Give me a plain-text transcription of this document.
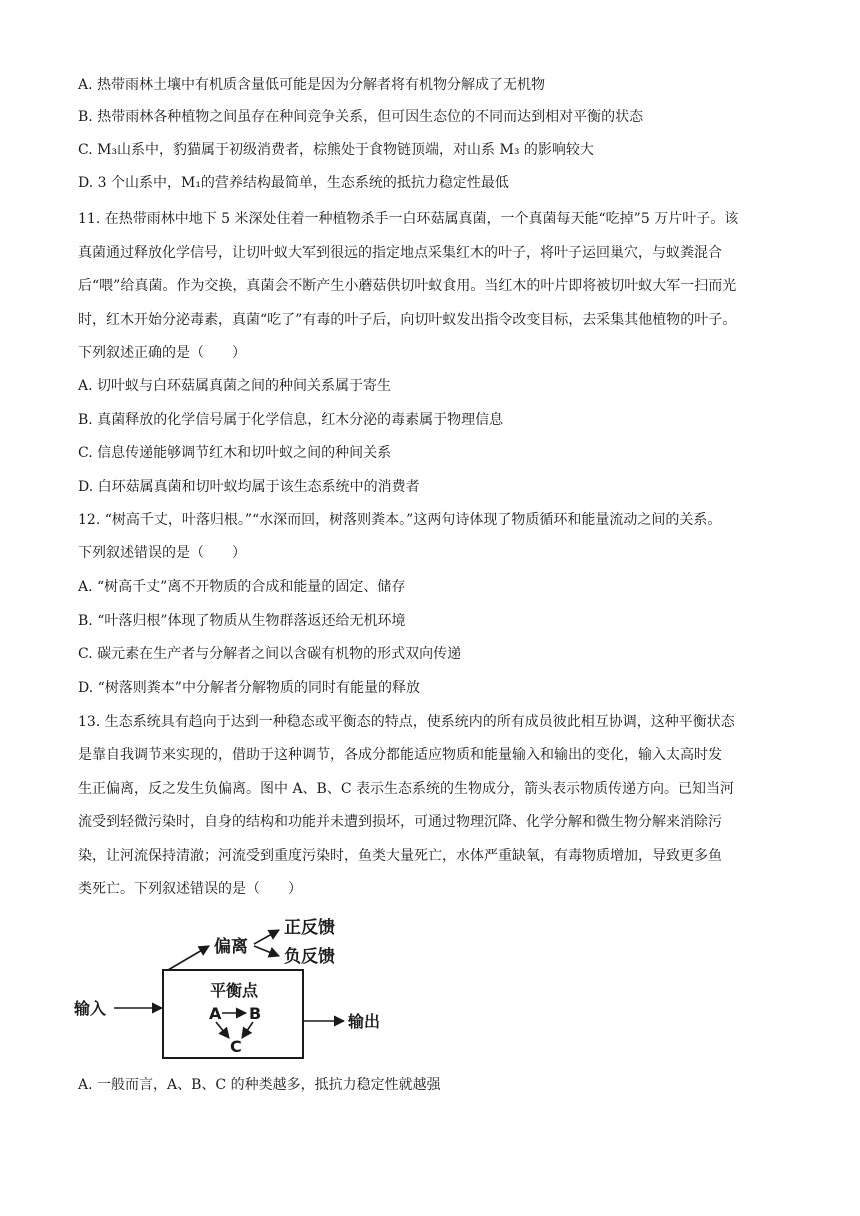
A. 热带雨林土壤中有机质含量低可能是因为分解者将有机物分解成了无机物
B. 热带雨林各种植物之间虽存在种间竞争关系，但可因生态位的不同而达到相对平衡的状态
C. M₃山系中，豹猫属于初级消费者，棕熊处于食物链顶端，对山系 M₃ 的影响较大
D. 3 个山系中，M₁的营养结构最简单，生态系统的抵抗力稳定性最低
11. 在热带雨林中地下 5 米深处住着一种植物杀手一白环菇属真菌，一个真菌每天能“吃掉”5 万片叶子。该
真菌通过释放化学信号，让切叶蚁大军到很远的指定地点采集红木的叶子，将叶子运回巢穴，与蚁粪混合
后“喂”给真菌。作为交换，真菌会不断产生小蘑菇供切叶蚁食用。当红木的叶片即将被切叶蚁大军一扫而光
时，红木开始分泌毒素，真菌“吃了”有毒的叶子后，向切叶蚁发出指令改变目标，去采集其他植物的叶子。
下列叙述正确的是（　　）
A. 切叶蚁与白环菇属真菌之间的种间关系属于寄生
B. 真菌释放的化学信号属于化学信息，红木分泌的毒素属于物理信息
C. 信息传递能够调节红木和切叶蚁之间的种间关系
D. 白环菇属真菌和切叶蚁均属于该生态系统中的消费者
12. “树高千丈，叶落归根。”“水深而回，树落则粪本。”这两句诗体现了物质循环和能量流动之间的关系。
下列叙述错误的是（　　）
A. “树高千丈”离不开物质的合成和能量的固定、储存
B. “叶落归根”体现了物质从生物群落返还给无机环境
C. 碳元素在生产者与分解者之间以含碳有机物的形式双向传递
D. “树落则粪本”中分解者分解物质的同时有能量的释放
13. 生态系统具有趋向于达到一种稳态或平衡态的特点，使系统内的所有成员彼此相互协调，这种平衡状态
是靠自我调节来实现的，借助于这种调节，各成分都能适应物质和能量输入和输出的变化，输入太高时发
生正偏离，反之发生负偏离。图中 A、B、C 表示生态系统的生物成分，箭头表示物质传递方向。已知当河
流受到轻微污染时，自身的结构和功能并未遭到损坏，可通过物理沉降、化学分解和微生物分解来消除污
染，让河流保持清澈；河流受到重度污染时，鱼类大量死亡，水体严重缺氧，有毒物质增加，导致更多鱼
类死亡。下列叙述错误的是（　　）
输入
输出
偏离
正反馈
负反馈
平衡点
A B
C
A. 一般而言，A、B、C 的种类越多，抵抗力稳定性就越强
